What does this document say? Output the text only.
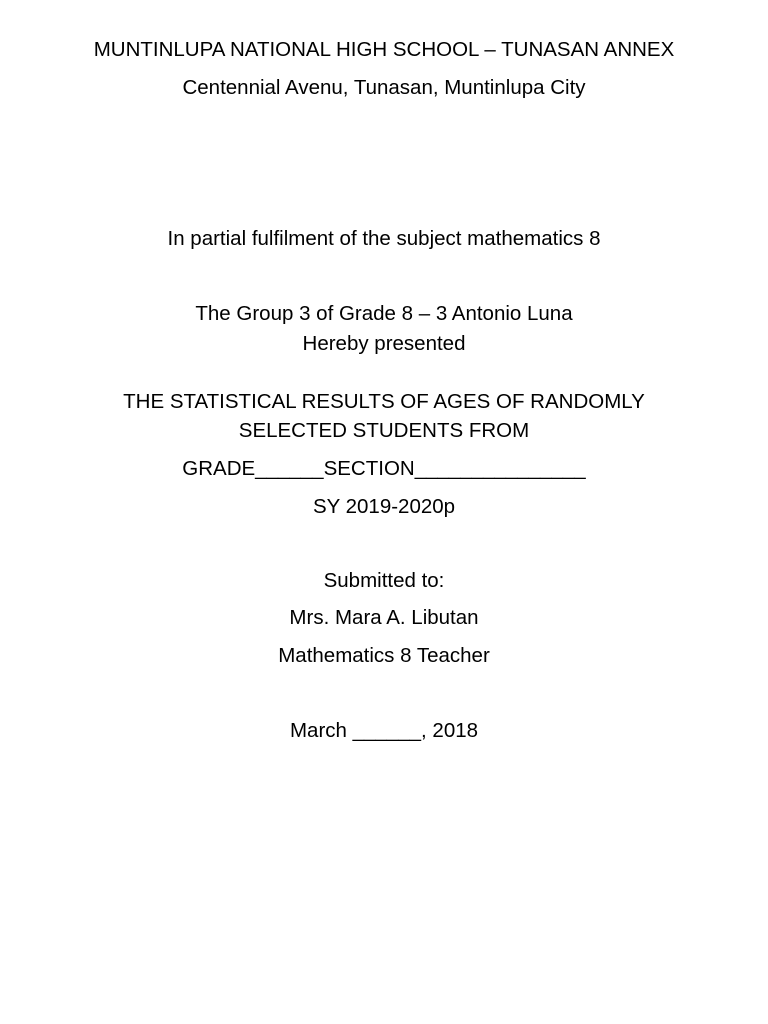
MUNTINLUPA NATIONAL HIGH SCHOOL – TUNASAN ANNEX
Centennial Avenu, Tunasan, Muntinlupa City
In partial fulfilment of the subject mathematics 8
The Group 3 of Grade 8 – 3 Antonio Luna
Hereby presented
THE STATISTICAL RESULTS OF AGES OF RANDOMLY
SELECTED STUDENTS FROM
GRADE______SECTION_______________
SY 2019-2020p
Submitted to:
Mrs. Mara A. Libutan
Mathematics 8 Teacher
March ______, 2018
